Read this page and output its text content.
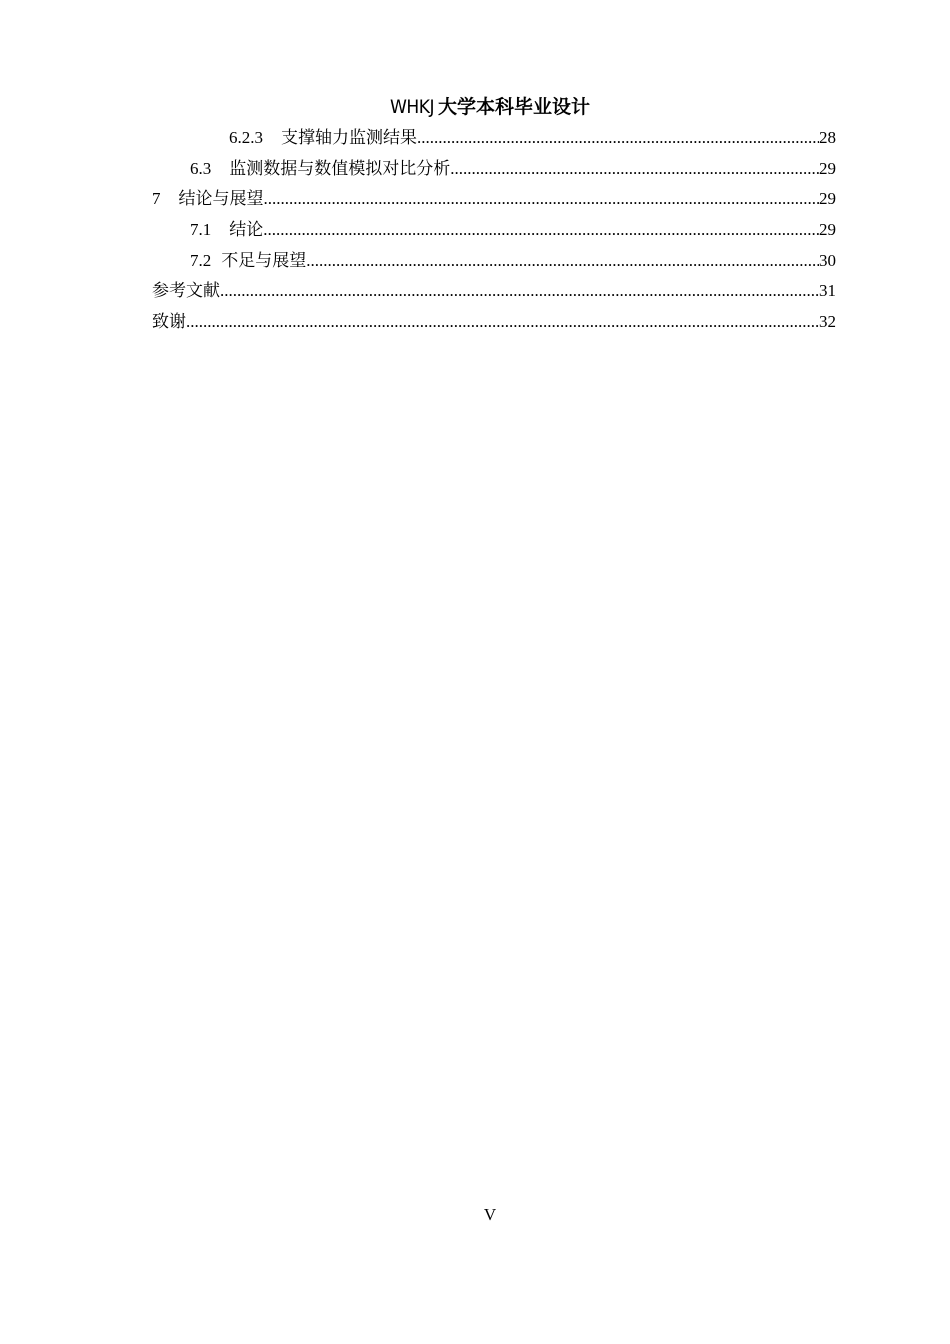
WHKJ 大学本科毕业设计
6.2.3 支撑轴力监测结果 .....	28
6.3 监测数据与数值模拟对比分析 .....	29
7 结论与展望 .....	29
7.1 结论 .....	29
7.2 不足与展望 .....	30
参考文献 .....	31
致谢 .....	32
V
